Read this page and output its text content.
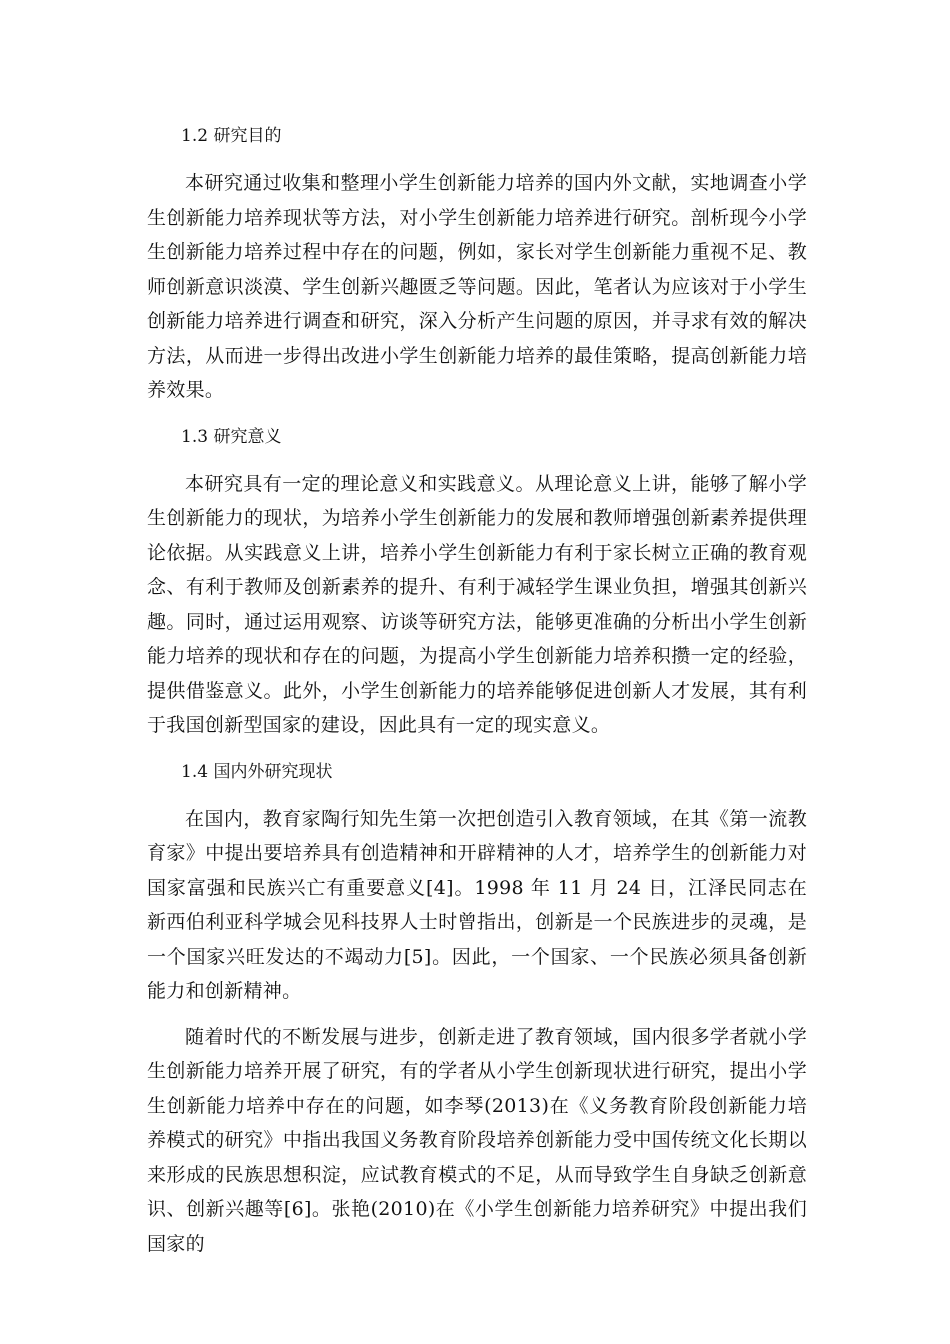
1.2 研究目的

本研究通过收集和整理小学生创新能力培养的国内外文献，实地调查小学生创新能力培养现状等方法，对小学生创新能力培养进行研究。剖析现今小学生创新能力培养过程中存在的问题，例如，家长对学生创新能力重视不足、教师创新意识淡漠、学生创新兴趣匮乏等问题。因此，笔者认为应该对于小学生创新能力培养进行调查和研究，深入分析产生问题的原因，并寻求有效的解决方法，从而进一步得出改进小学生创新能力培养的最佳策略，提高创新能力培养效果。

1.3 研究意义

本研究具有一定的理论意义和实践意义。从理论意义上讲，能够了解小学生创新能力的现状，为培养小学生创新能力的发展和教师增强创新素养提供理论依据。从实践意义上讲，培养小学生创新能力有利于家长树立正确的教育观念、有利于教师及创新素养的提升、有利于减轻学生课业负担，增强其创新兴趣。同时，通过运用观察、访谈等研究方法，能够更准确的分析出小学生创新能力培养的现状和存在的问题，为提高小学生创新能力培养积攒一定的经验，提供借鉴意义。此外，小学生创新能力的培养能够促进创新人才发展，其有利于我国创新型国家的建设，因此具有一定的现实意义。

1.4 国内外研究现状

在国内，教育家陶行知先生第一次把创造引入教育领域，在其《第一流教育家》中提出要培养具有创造精神和开辟精神的人才，培养学生的创新能力对国家富强和民族兴亡有重要意义[4]。1998 年 11 月 24 日，江泽民同志在新西伯利亚科学城会见科技界人士时曾指出，创新是一个民族进步的灵魂，是一个国家兴旺发达的不竭动力[5]。因此，一个国家、一个民族必须具备创新能力和创新精神。

随着时代的不断发展与进步，创新走进了教育领域，国内很多学者就小学生创新能力培养开展了研究，有的学者从小学生创新现状进行研究，提出小学生创新能力培养中存在的问题，如李琴(2013)在《义务教育阶段创新能力培养模式的研究》中指出我国义务教育阶段培养创新能力受中国传统文化长期以来形成的民族思想积淀，应试教育模式的不足，从而导致学生自身缺乏创新意识、创新兴趣等[6]。张艳(2010)在《小学生创新能力培养研究》中提出我们国家的
